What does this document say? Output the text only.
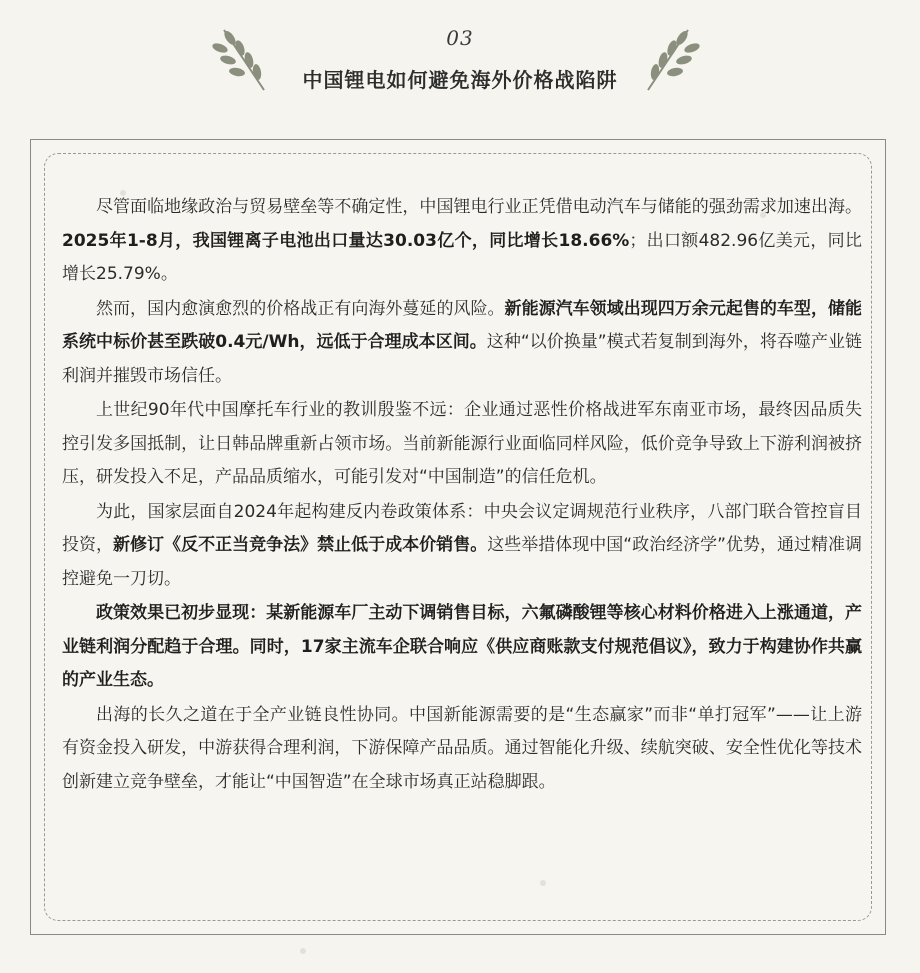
03
中国锂电如何避免海外价格战陷阱

尽管面临地缘政治与贸易壁垒等不确定性，中国锂电行业正凭借电动汽车与储能的强劲需求加速出海。2025年1-8月，我国锂离子电池出口量达30.03亿个，同比增长18.66%；出口额482.96亿美元，同比增长25.79%。

然而，国内愈演愈烈的价格战正有向海外蔓延的风险。新能源汽车领域出现四万余元起售的车型，储能系统中标价甚至跌破0.4元/Wh，远低于合理成本区间。这种“以价换量”模式若复制到海外，将吞噬产业链利润并摧毁市场信任。

上世纪90年代中国摩托车行业的教训殷鉴不远：企业通过恶性价格战进军东南亚市场，最终因品质失控引发多国抵制，让日韩品牌重新占领市场。当前新能源行业面临同样风险，低价竞争导致上下游利润被挤压，研发投入不足，产品品质缩水，可能引发对“中国制造”的信任危机。

为此，国家层面自2024年起构建反内卷政策体系：中央会议定调规范行业秩序，八部门联合管控盲目投资，新修订《反不正当竞争法》禁止低于成本价销售。这些举措体现中国“政治经济学”优势，通过精准调控避免一刀切。

政策效果已初步显现：某新能源车厂主动下调销售目标，六氟磷酸锂等核心材料价格进入上涨通道，产业链利润分配趋于合理。同时，17家主流车企联合响应《供应商账款支付规范倡议》，致力于构建协作共赢的产业生态。

出海的长久之道在于全产业链良性协同。中国新能源需要的是“生态赢家”而非“单打冠军”——让上游有资金投入研发，中游获得合理利润，下游保障产品品质。通过智能化升级、续航突破、安全性优化等技术创新建立竞争壁垒，才能让“中国智造”在全球市场真正站稳脚跟。
